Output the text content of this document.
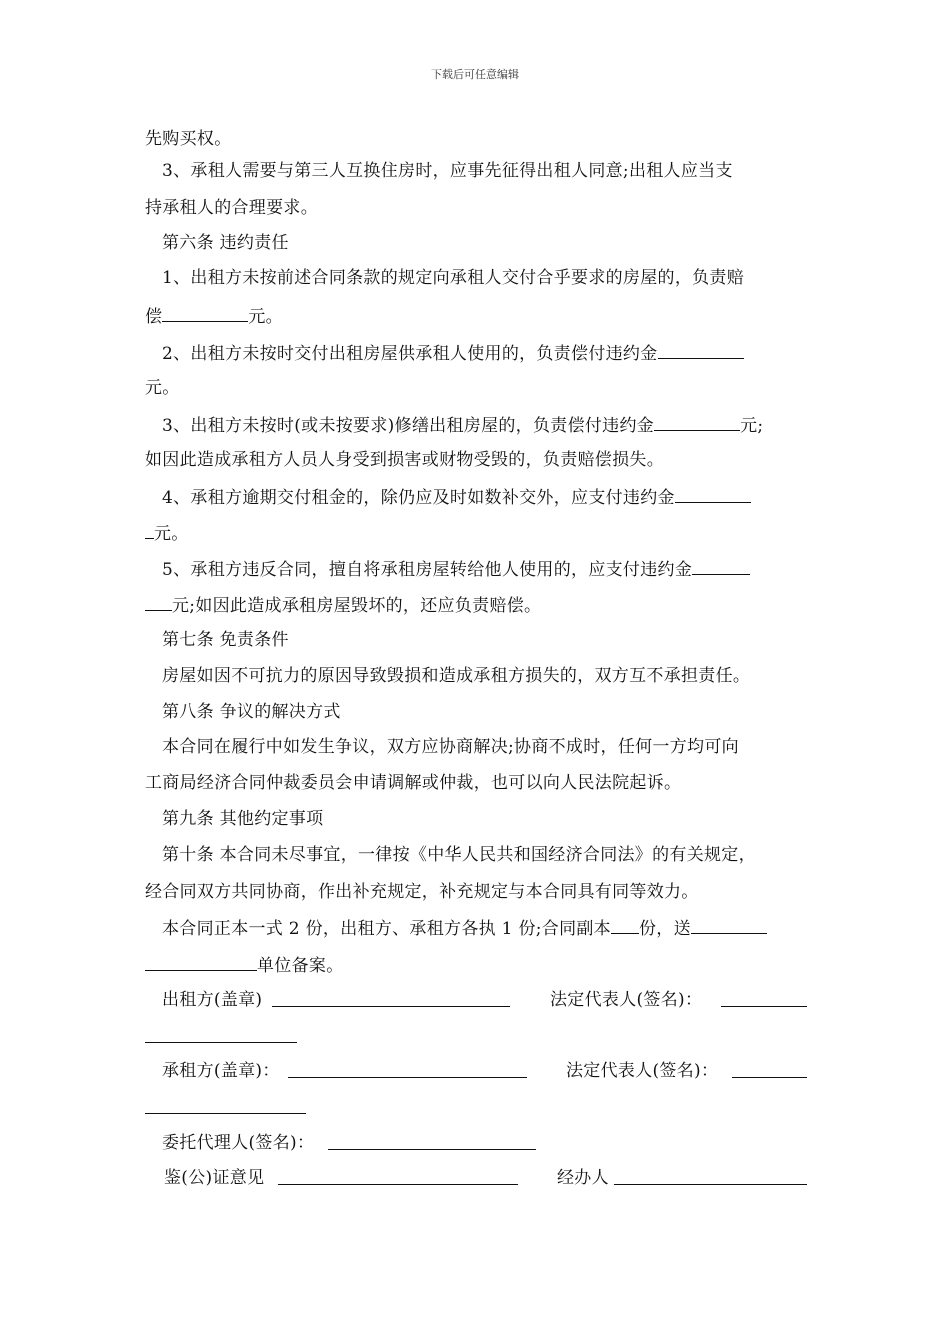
下载后可任意编辑
先购买权。
3、承租人需要与第三人互换住房时，应事先征得出租人同意;出租人应当支
持承租人的合理要求。
第六条 违约责任
1、出租方未按前述合同条款的规定向承租人交付合乎要求的房屋的，负责赔
偿	元。
2、出租方未按时交付出租房屋供承租人使用的，负责偿付违约金
元。
3、出租方未按时(或未按要求)修缮出租房屋的，负责偿付违约金	元;
如因此造成承租方人员人身受到损害或财物受毁的，负责赔偿损失。
4、承租方逾期交付租金的，除仍应及时如数补交外，应支付违约金
元。
5、承租方违反合同，擅自将承租房屋转给他人使用的，应支付违约金
元;如因此造成承租房屋毁坏的，还应负责赔偿。
第七条 免责条件
房屋如因不可抗力的原因导致毁损和造成承租方损失的，双方互不承担责任。
第八条 争议的解决方式
本合同在履行中如发生争议，双方应协商解决;协商不成时，任何一方均可向
工商局经济合同仲裁委员会申请调解或仲裁，也可以向人民法院起诉。
第九条 其他约定事项
第十条 本合同未尽事宜，一律按《中华人民共和国经济合同法》的有关规定，
经合同双方共同协商，作出补充规定，补充规定与本合同具有同等效力。
本合同正本一式 2 份，出租方、承租方各执 1 份;合同副本 份，送
单位备案。
出租方(盖章)	法定代表人(签名)：
承租方(盖章)：	法定代表人(签名)：
委托代理人(签名)：
鉴(公)证意见	经办人
